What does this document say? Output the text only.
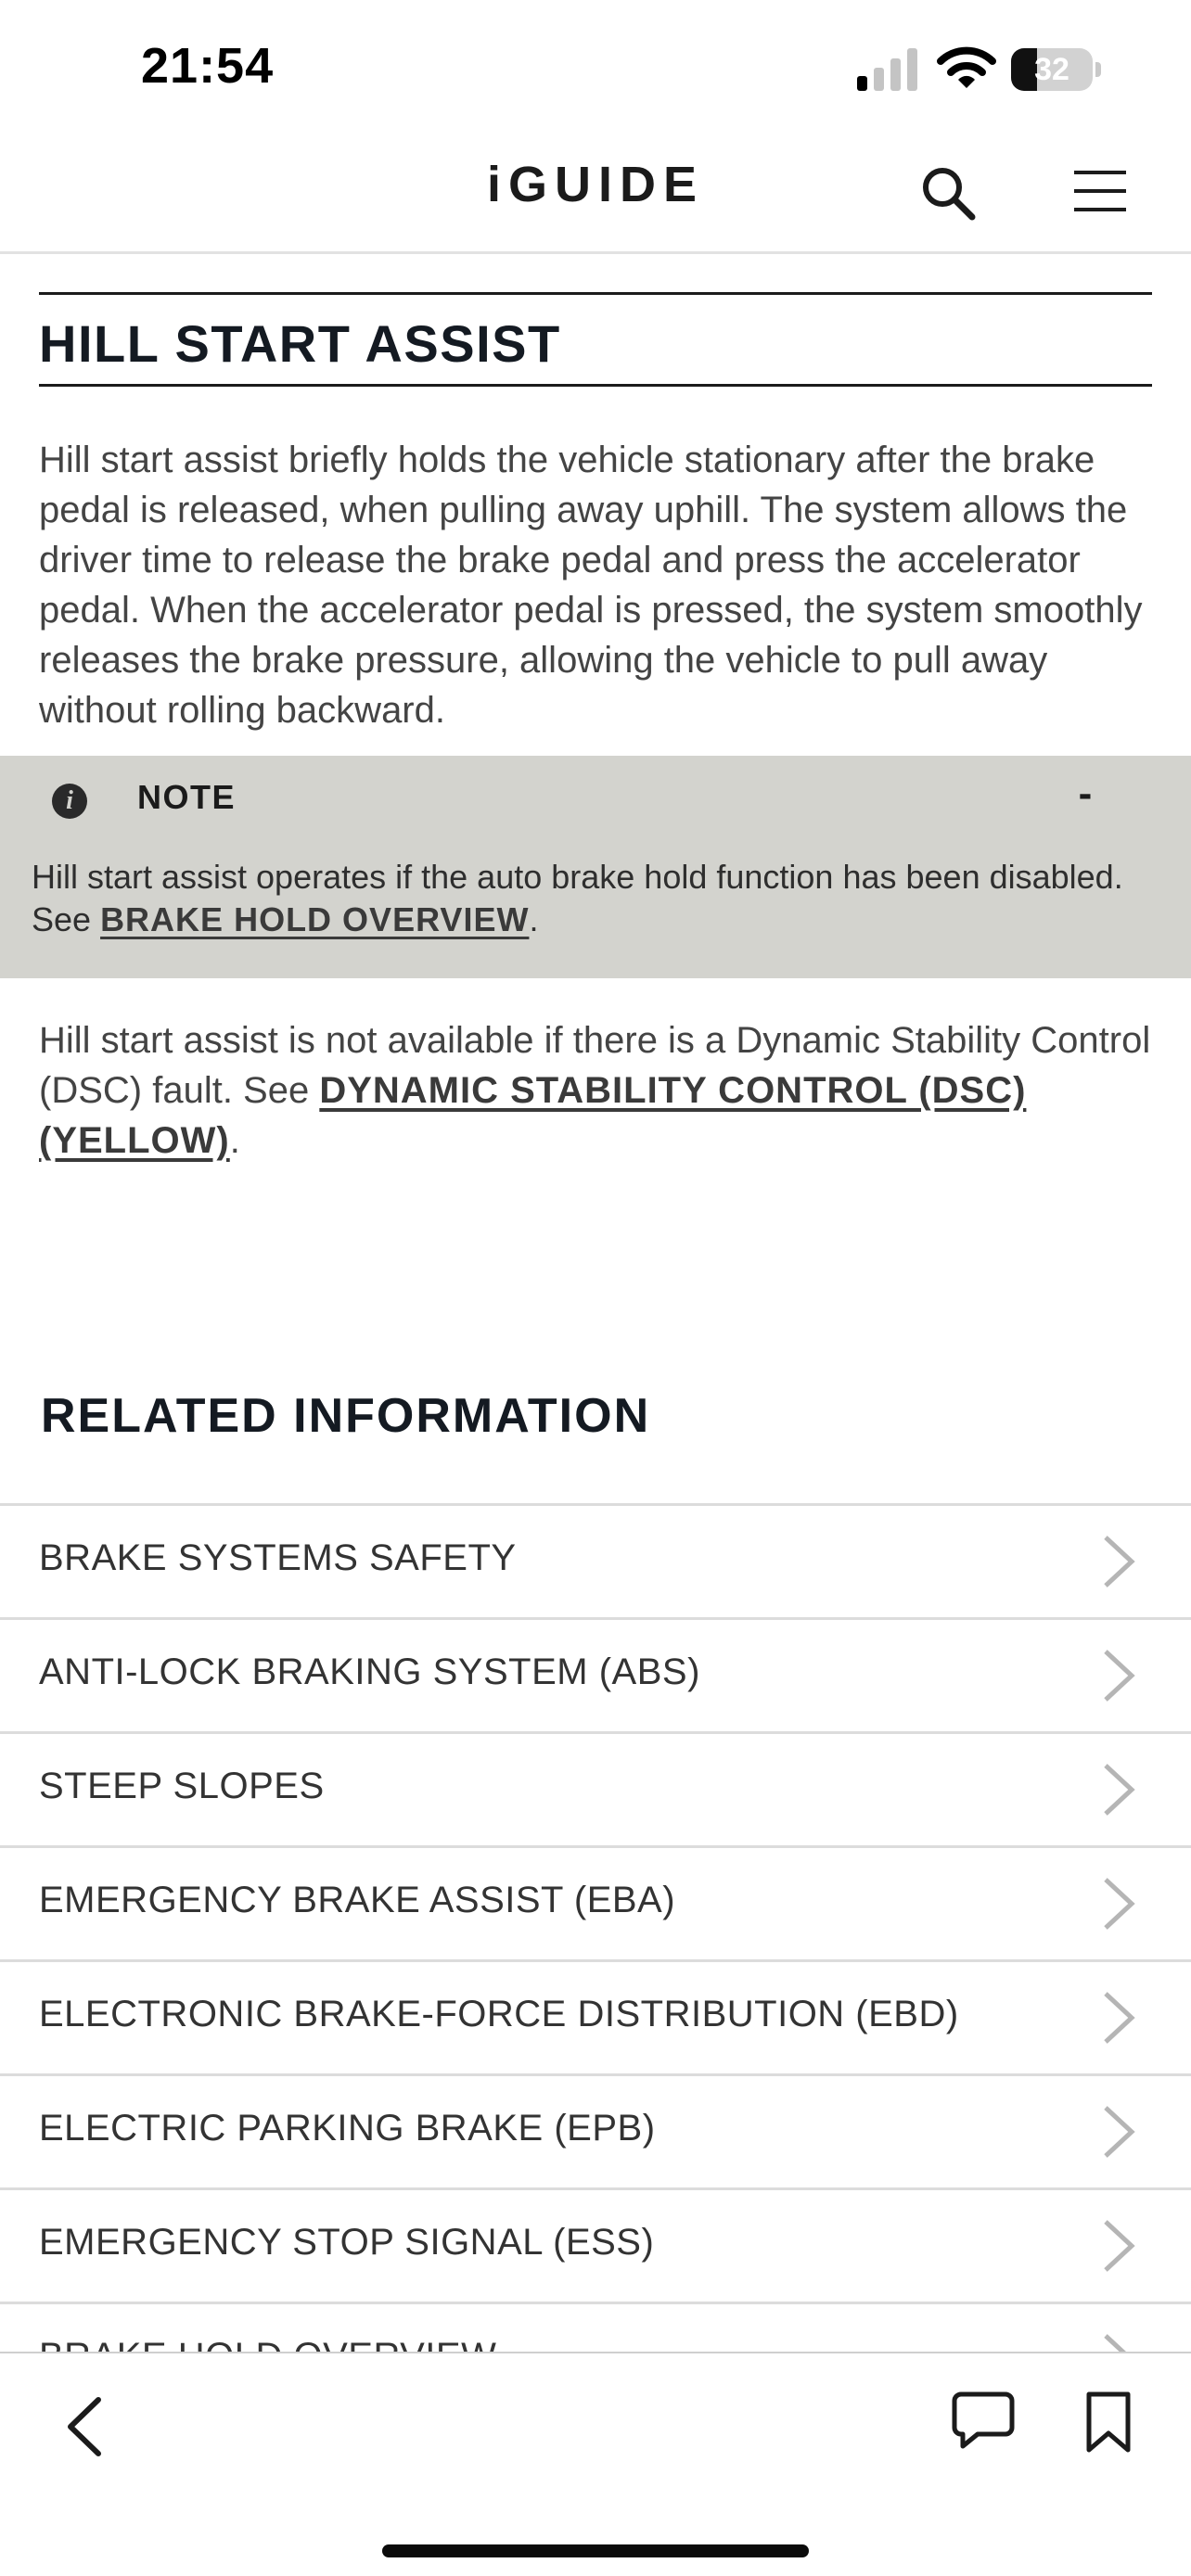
21:54	32
iGUIDE
HILL START ASSIST
Hill start assist briefly holds the vehicle stationary after the brake pedal is released, when pulling away uphill. The system allows the driver time to release the brake pedal and press the accelerator pedal. When the accelerator pedal is pressed, the system smoothly releases the brake pressure, allowing the vehicle to pull away without rolling backward.
i	NOTE	-
Hill start assist operates if the auto brake hold function has been disabled. See BRAKE HOLD OVERVIEW.
Hill start assist is not available if there is a Dynamic Stability Control (DSC) fault. See DYNAMIC STABILITY CONTROL (DSC) (YELLOW).
RELATED INFORMATION
BRAKE SYSTEMS SAFETY
ANTI-LOCK BRAKING SYSTEM (ABS)
STEEP SLOPES
EMERGENCY BRAKE ASSIST (EBA)
ELECTRONIC BRAKE-FORCE DISTRIBUTION (EBD)
ELECTRIC PARKING BRAKE (EPB)
EMERGENCY STOP SIGNAL (ESS)
